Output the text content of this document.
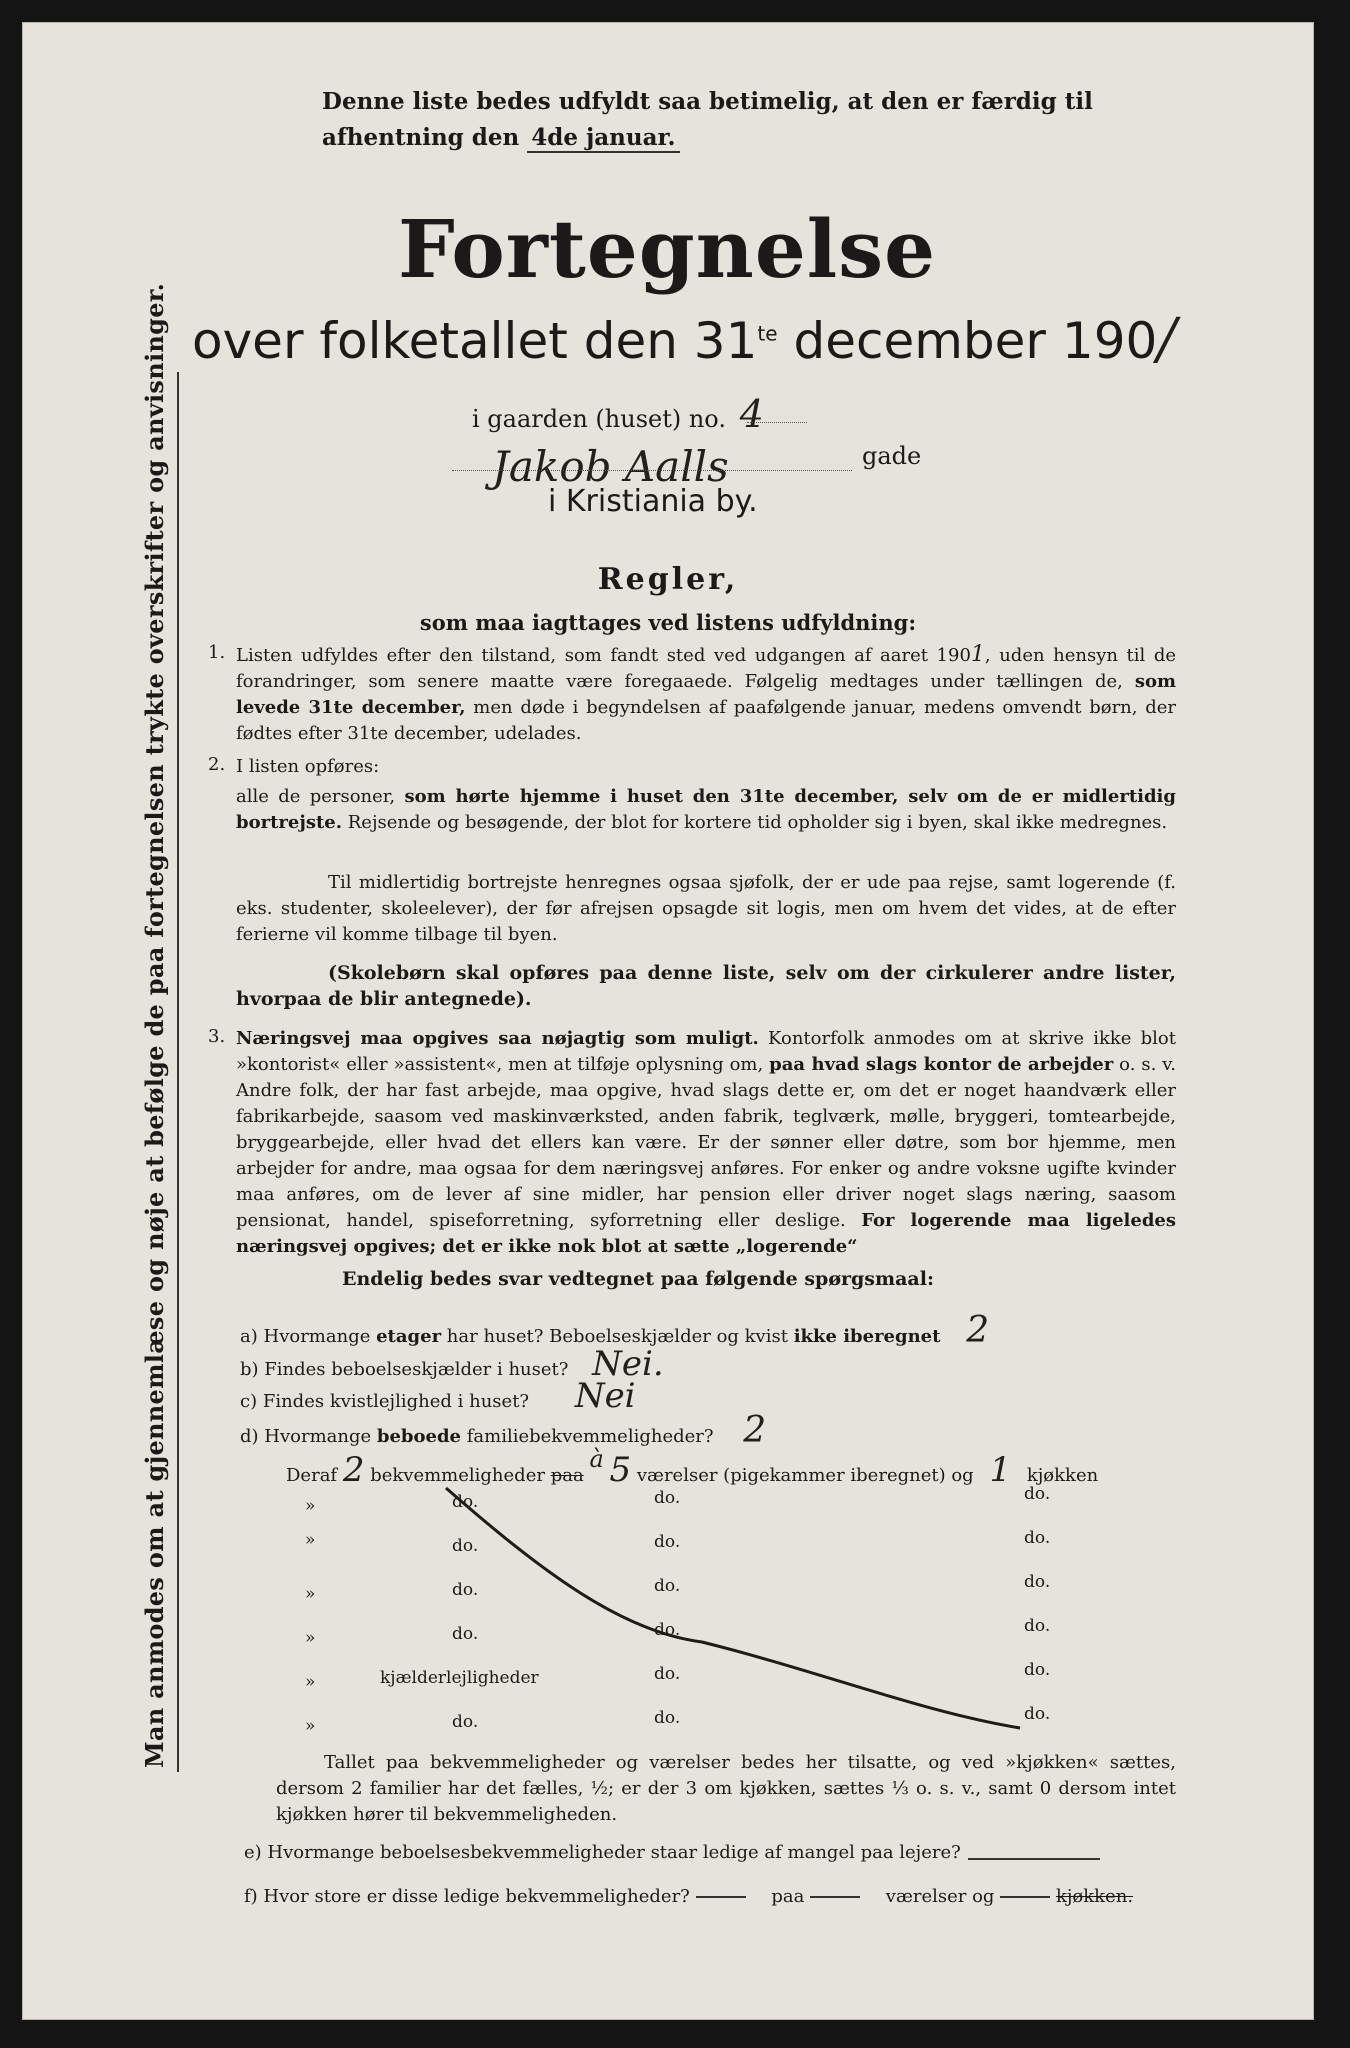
Denne liste bedes udfyldt saa betimelig, at den er færdig til
afhentning den 4de januar.
Fortegnelse
over folketallet den $31^{te}$ december 190/
i gaarden (huset) no. 4
Jakob Aalls	gade
i Kristiania by.
Man anmodes om at gjennemlæse og nøje at befølge de paa fortegnelsen trykte overskrifter og anvisninger.	Regler,
som maa iagttages ved listens udfyldning:
1. Listen udfyldes efter den tilstand, som fandt sted ved udgangen af aaret 1901, uden hensyn til de forandringer, som senere maatte være foregaaede. Følgelig medtages under tællingen de, som levede 31te december, men døde i begyndelsen af paafølgende januar, medens omvendt børn, der fødtes efter 31te december, udelades.
2. I listen opføres:
alle de personer, som hørte hjemme i huset den 31te december, selv om de er midlertidig bortrejste. Rejsende og besøgende, der blot for kortere tid opholder sig i byen, skal ikke medregnes.
Til midlertidig bortrejste henregnes ogsaa sjøfolk, der er ude paa rejse, samt logerende (f. eks. studenter, skoleelever), der før afrejsen opsagde sit logis, men om hvem det vides, at de efter ferierne vil komme tilbage til byen.
(Skolebørn skal opføres paa denne liste, selv om der cirkulerer andre lister, hvorpaa de blir antegnede).
3. Næringsvej maa opgives saa nøjagtig som muligt. Kontorfolk anmodes om at skrive ikke blot »kontorist« eller »assistent«, men at tilføje oplysning om, paa hvad slags kontor de arbejder o. s. v. Andre folk, der har fast arbejde, maa opgive, hvad slags dette er, om det er noget haandværk eller fabrikarbejde, saasom ved maskinværksted, anden fabrik, teglværk, mølle, bryggeri, tomtearbejde, bryggearbejde, eller hvad det ellers kan være. Er der sønner eller døtre, som bor hjemme, men arbejder for andre, maa ogsaa for dem næringsvej anføres. For enker og andre voksne ugifte kvinder maa anføres, om de lever af sine midler, har pension eller driver noget slags næring, saasom pensionat, handel, spiseforretning, syforretning eller deslige. For logerende maa ligeledes næringsvej opgives; det er ikke nok blot at sætte „logerende“
Endelig bedes svar vedtegnet paa følgende spørgsmaal:
a) Hvormange etager har huset? Beboelseskjælder og kvist ikke iberegnet 2
b) Findes beboelseskjælder i huset? Nei.
c) Findes kvistlejlighed i huset? Nei
d) Hvormange beboede familiebekvemmeligheder? 2
Deraf 2 bekvemmeligheder paa à 5 værelser (pigekammer iberegnet) og 1 kjøkken
»	do.	do.	do.
»	do.	do.	do.
»	do.	do.	do.
»	do.	do.	do.
»	kjælderlejligheder	do.	do.
»	do.	do.	do.
Tallet paa bekvemmeligheder og værelser bedes her tilsatte, og ved »kjøkken« sættes, dersom 2 familier har det fælles, ½; er der 3 om kjøkken, sættes ⅓ o. s. v., samt 0 dersom intet kjøkken hører til bekvemmeligheden.
e) Hvormange beboelsesbekvemmeligheder staar ledige af mangel paa lejere?
f) Hvor store er disse ledige bekvemmeligheder?	paa	værelser og	kjøkken.
